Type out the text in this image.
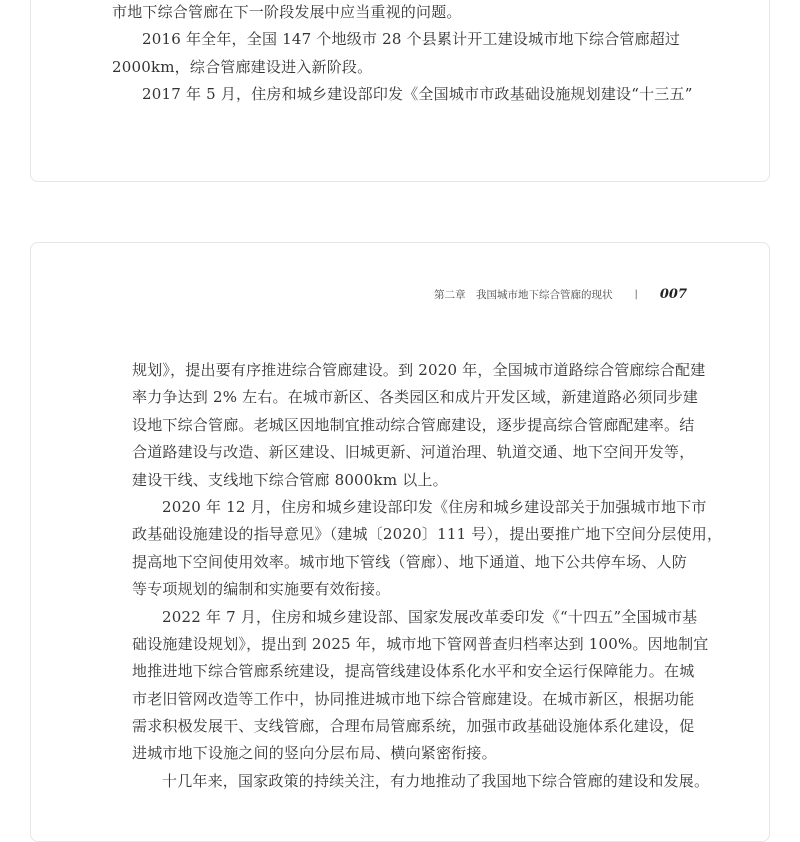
市地下综合管廊在下一阶段发展中应当重视的问题。
2016 年全年，全国 147 个地级市 28 个县累计开工建设城市地下综合管廊超过
2000km，综合管廊建设进入新阶段。
2017 年 5 月，住房和城乡建设部印发《全国城市市政基础设施规划建设“十三五”
第二章　我国城市地下综合管廊的现状 | 007
规划》，提出要有序推进综合管廊建设。到 2020 年，全国城市道路综合管廊综合配建
率力争达到 2% 左右。在城市新区、各类园区和成片开发区域，新建道路必须同步建
设地下综合管廊。老城区因地制宜推动综合管廊建设，逐步提高综合管廊配建率。结
合道路建设与改造、新区建设、旧城更新、河道治理、轨道交通、地下空间开发等，
建设干线、支线地下综合管廊 8000km 以上。
2020 年 12 月，住房和城乡建设部印发《住房和城乡建设部关于加强城市地下市
政基础设施建设的指导意见》（建城〔2020〕111 号），提出要推广地下空间分层使用，
提高地下空间使用效率。城市地下管线（管廊）、地下通道、地下公共停车场、人防
等专项规划的编制和实施要有效衔接。
2022 年 7 月，住房和城乡建设部、国家发展改革委印发《“十四五”全国城市基
础设施建设规划》，提出到 2025 年，城市地下管网普查归档率达到 100%。因地制宜
地推进地下综合管廊系统建设，提高管线建设体系化水平和安全运行保障能力。在城
市老旧管网改造等工作中，协同推进城市地下综合管廊建设。在城市新区，根据功能
需求积极发展干、支线管廊，合理布局管廊系统，加强市政基础设施体系化建设，促
进城市地下设施之间的竖向分层布局、横向紧密衔接。
十几年来，国家政策的持续关注，有力地推动了我国地下综合管廊的建设和发展。
